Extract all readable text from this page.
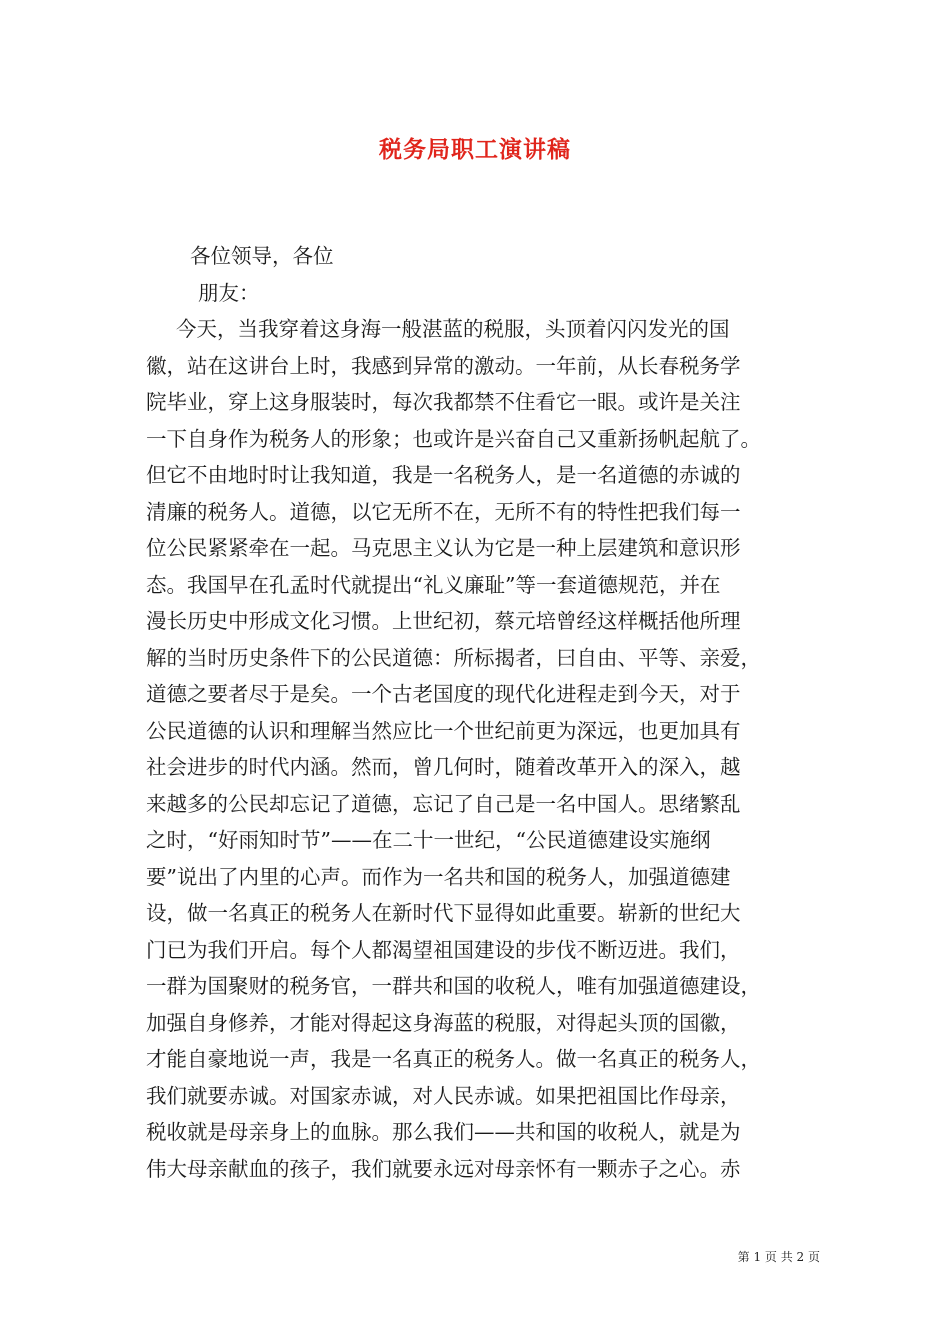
税务局职工演讲稿
各位领导，各位
朋友：
今天，当我穿着这身海一般湛蓝的税服，头顶着闪闪发光的国
徽，站在这讲台上时，我感到异常的激动。一年前，从长春税务学
院毕业，穿上这身服装时，每次我都禁不住看它一眼。或许是关注
一下自身作为税务人的形象；也或许是兴奋自己又重新扬帆起航了。
但它不由地时时让我知道，我是一名税务人，是一名道德的赤诚的
清廉的税务人。道德，以它无所不在，无所不有的特性把我们每一
位公民紧紧牵在一起。马克思主义认为它是一种上层建筑和意识形
态。我国早在孔孟时代就提出“礼义廉耻”等一套道德规范，并在
漫长历史中形成文化习惯。上世纪初，蔡元培曾经这样概括他所理
解的当时历史条件下的公民道德：所标揭者，曰自由、平等、亲爱，
道德之要者尽于是矣。一个古老国度的现代化进程走到今天，对于
公民道德的认识和理解当然应比一个世纪前更为深远，也更加具有
社会进步的时代内涵。然而，曾几何时，随着改革开入的深入，越
来越多的公民却忘记了道德，忘记了自己是一名中国人。思绪繁乱
之时，“好雨知时节”——在二十一世纪，“公民道德建设实施纲
要”说出了内里的心声。而作为一名共和国的税务人，加强道德建
设，做一名真正的税务人在新时代下显得如此重要。崭新的世纪大
门已为我们开启。每个人都渴望祖国建设的步伐不断迈进。我们，
一群为国聚财的税务官，一群共和国的收税人，唯有加强道德建设，
加强自身修养，才能对得起这身海蓝的税服，对得起头顶的国徽，
才能自豪地说一声，我是一名真正的税务人。做一名真正的税务人，
我们就要赤诚。对国家赤诚，对人民赤诚。如果把祖国比作母亲，
税收就是母亲身上的血脉。那么我们——共和国的收税人，就是为
伟大母亲献血的孩子，我们就要永远对母亲怀有一颗赤子之心。赤
第 1 页 共 2 页
